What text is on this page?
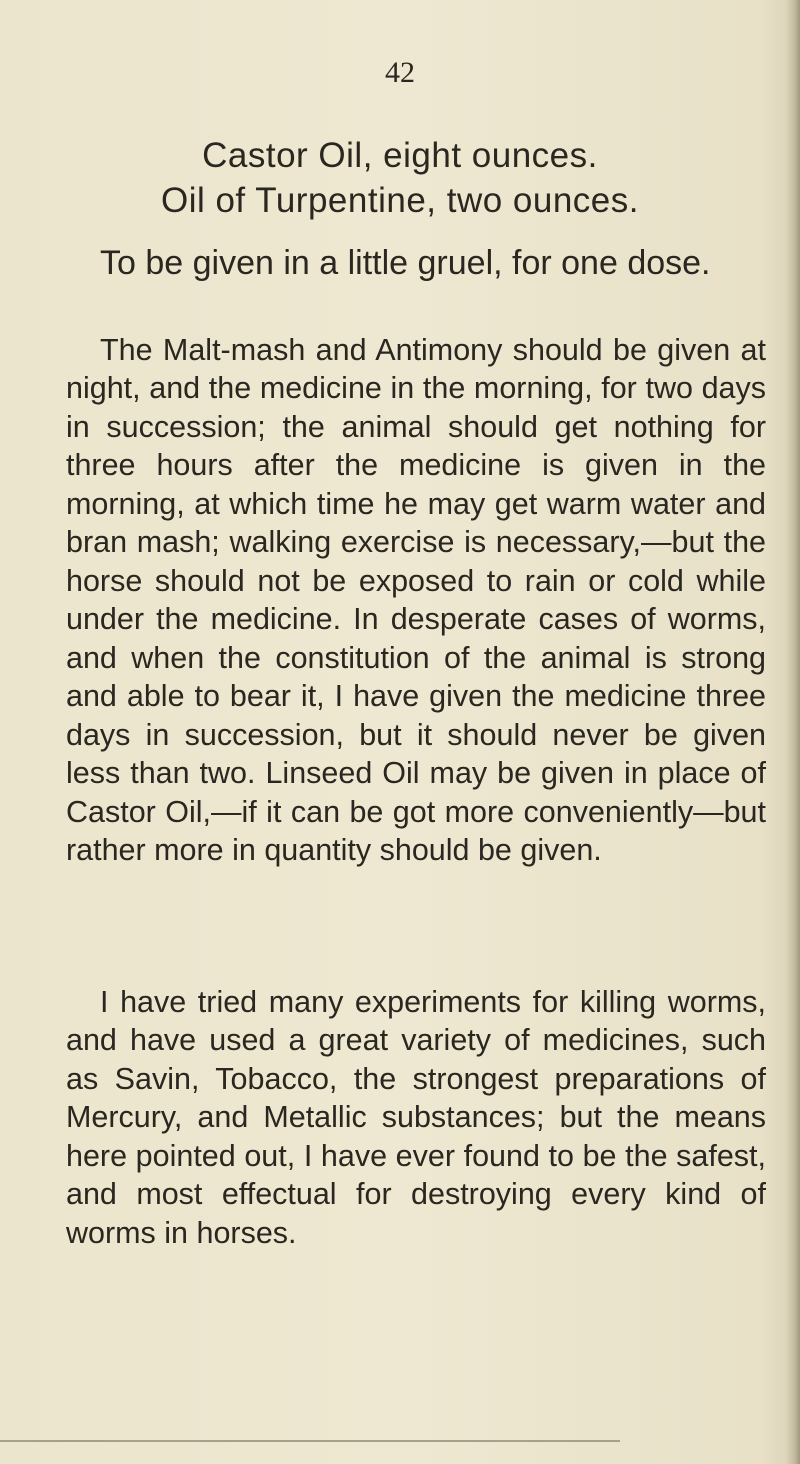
42
Castor Oil, eight ounces.
Oil of Turpentine, two ounces.
To be given in a little gruel, for one dose.

The Malt-mash and Antimony should be given at night, and the medicine in the morning, for two days in succession; the animal should get nothing for three hours after the medicine is given in the morning, at which time he may get warm water and bran mash; walking exercise is necessary,—but the horse should not be exposed to rain or cold while under the medicine. In desperate cases of worms, and when the constitution of the animal is strong and able to bear it, I have given the medicine three days in succession, but it should never be given less than two. Linseed Oil may be given in place of Castor Oil,—if it can be got more conveniently—but rather more in quantity should be given.

I have tried many experiments for killing worms, and have used a great variety of medicines, such as Savin, Tobacco, the strongest preparations of Mercury, and Metallic substances; but the means here pointed out, I have ever found to be the safest, and most effectual for destroying every kind of worms in horses.
